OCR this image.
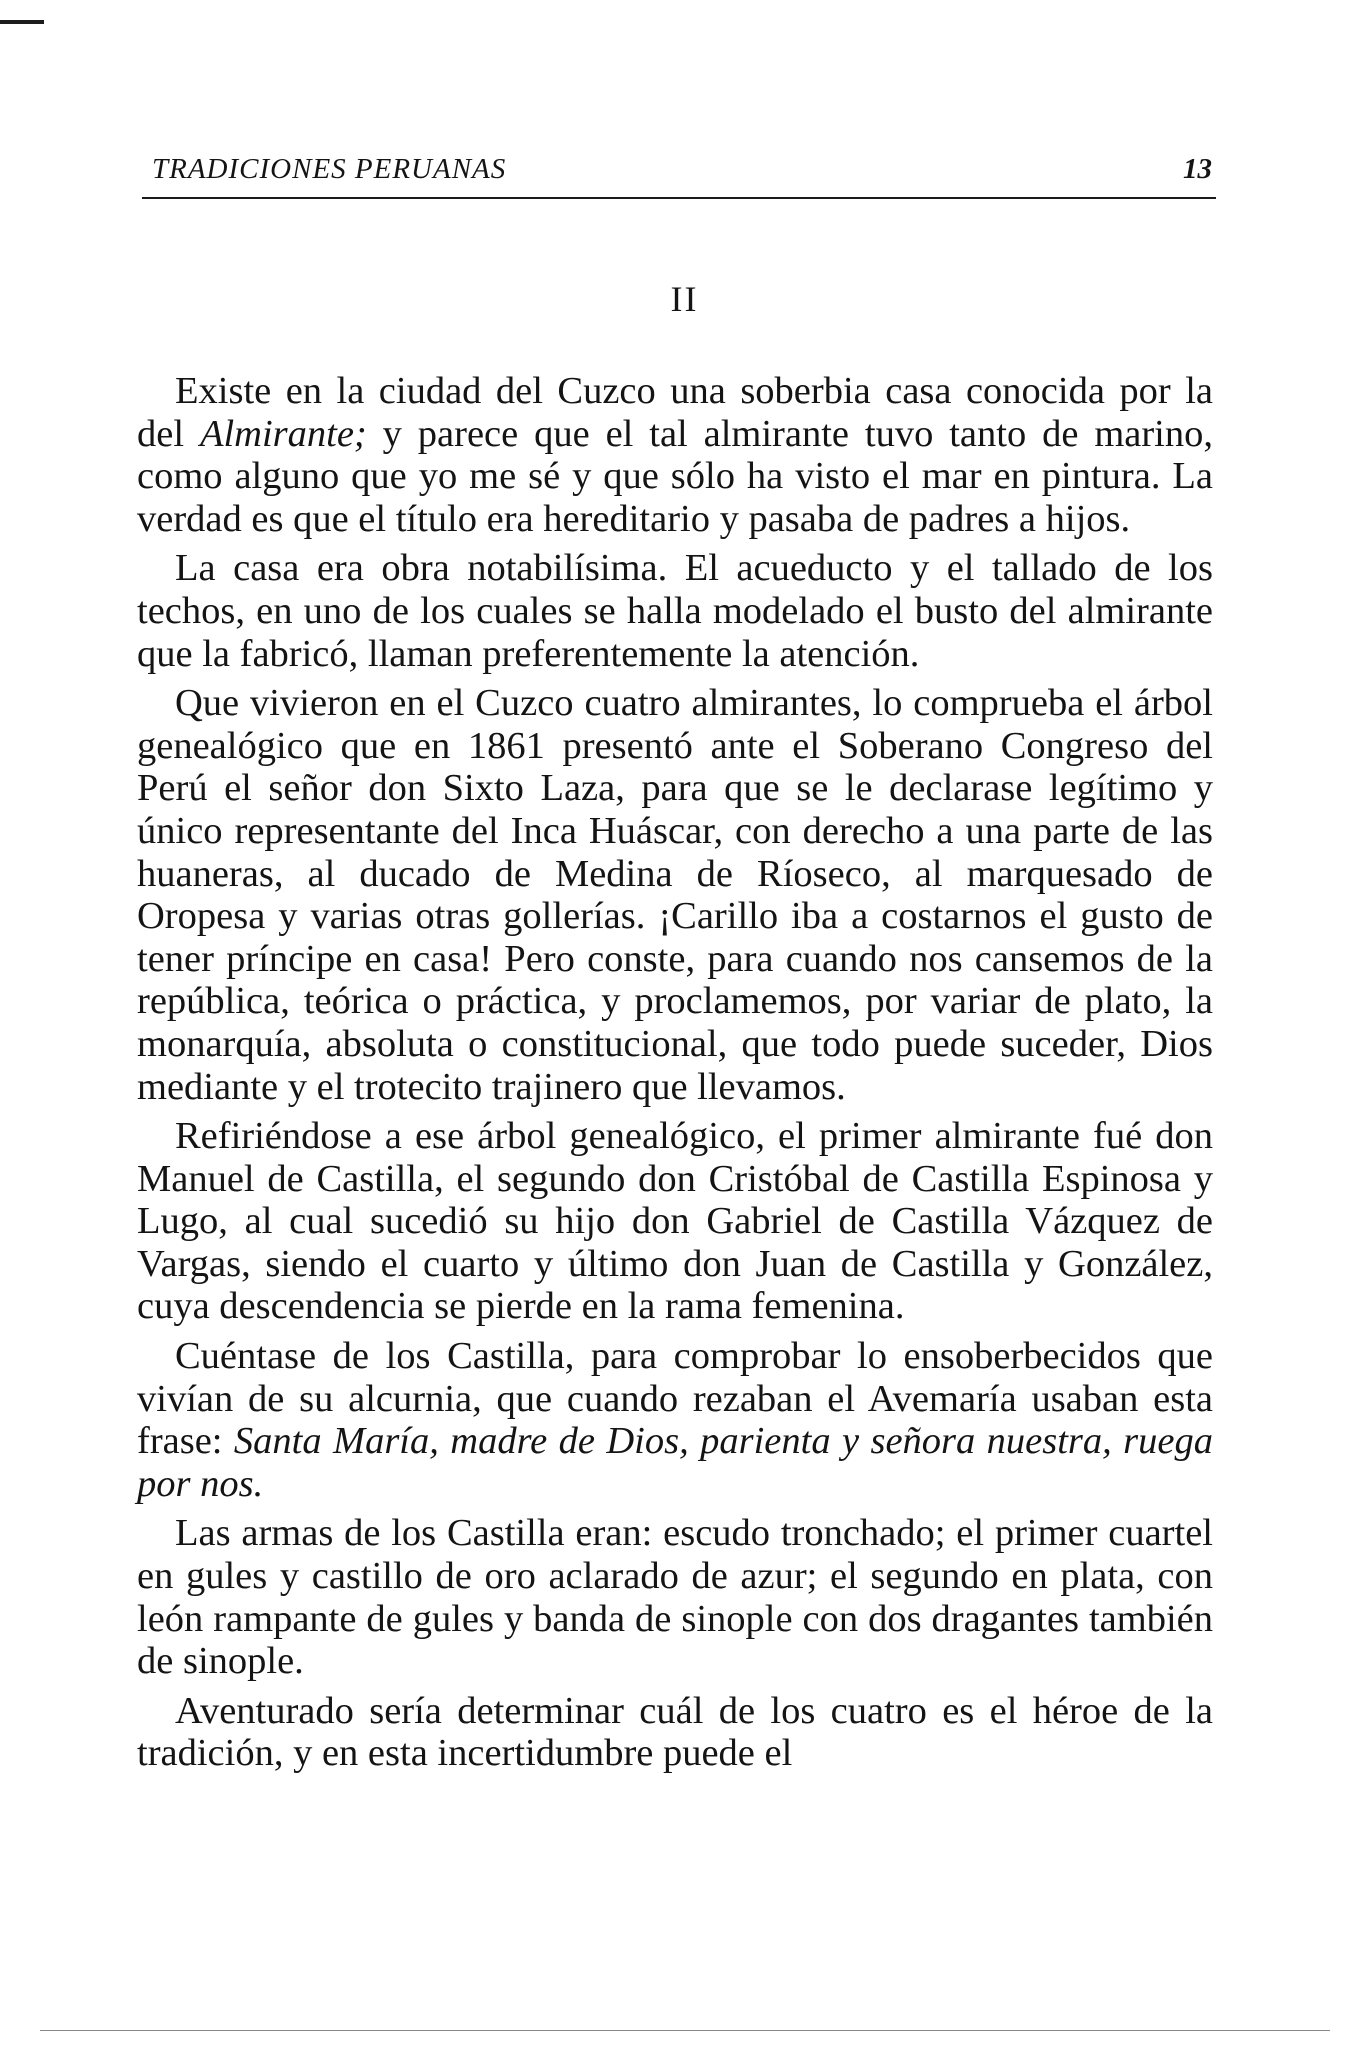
TRADICIONES PERUANAS	13
II

Existe en la ciudad del Cuzco una soberbia casa conocida por la del Almirante; y parece que el tal almirante tuvo tanto de marino, como alguno que yo me sé y que sólo ha visto el mar en pintura. La verdad es que el título era hereditario y pasaba de padres a hijos.

La casa era obra notabilísima. El acueducto y el tallado de los techos, en uno de los cuales se halla modelado el busto del almirante que la fabricó, llaman preferentemente la atención.

Que vivieron en el Cuzco cuatro almirantes, lo comprueba el árbol genealógico que en 1861 presentó ante el Soberano Congreso del Perú el señor don Sixto Laza, para que se le declarase legítimo y único representante del Inca Huáscar, con derecho a una parte de las huaneras, al ducado de Medina de Ríoseco, al marquesado de Oropesa y varias otras gollerías. ¡Carillo iba a costarnos el gusto de tener príncipe en casa! Pero conste, para cuando nos cansemos de la república, teórica o práctica, y proclamemos, por variar de plato, la monarquía, absoluta o constitucional, que todo puede suceder, Dios mediante y el trotecito trajinero que llevamos.

Refiriéndose a ese árbol genealógico, el primer almirante fué don Manuel de Castilla, el segundo don Cristóbal de Castilla Espinosa y Lugo, al cual sucedió su hijo don Gabriel de Castilla Vázquez de Vargas, siendo el cuarto y último don Juan de Castilla y González, cuya descendencia se pierde en la rama femenina.

Cuéntase de los Castilla, para comprobar lo ensoberbecidos que vivían de su alcurnia, que cuando rezaban el Avemaría usaban esta frase: Santa María, madre de Dios, parienta y señora nuestra, ruega por nos.

Las armas de los Castilla eran: escudo tronchado; el primer cuartel en gules y castillo de oro aclarado de azur; el segundo en plata, con león rampante de gules y banda de sinople con dos dragantes también de sinople.

Aventurado sería determinar cuál de los cuatro es el héroe de la tradición, y en esta incertidumbre puede el
